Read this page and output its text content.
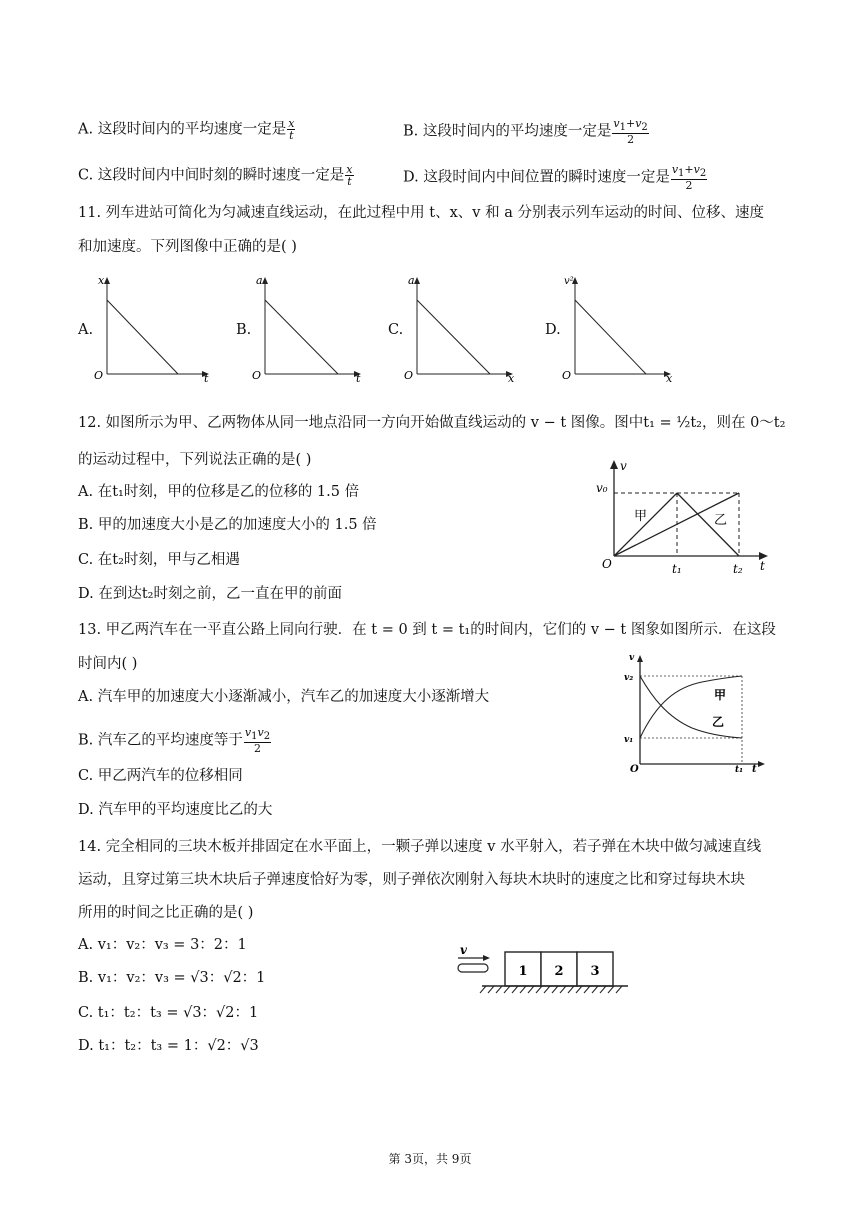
A. 这段时间内的平均速度一定是 $\frac{x}{t}$	B. 这段时间内的平均速度一定是 $\frac{v_1+v_2}{2}$
C. 这段时间内中间时刻的瞬时速度一定是 $\frac{x}{t}$	D. 这段时间内中间位置的瞬时速度一定是 $\frac{v_1+v_2}{2}$
11. 列车进站可简化为匀减速直线运动，在此过程中用 t、x、v 和 a 分别表示列车运动的时间、位移、速度
和加速度。下列图像中正确的是( )
A.
x
t
O
B.
a
t
O
C.
a
x
O
D.
v²
x
O
12. 如图所示为甲、乙两物体从同一地点沿同一方向开始做直线运动的 v − t 图像。图中t₁ = ½t₂，则在 0～t₂
的运动过程中，下列说法正确的是( )
A. 在t₁时刻，甲的位移是乙的位移的 1.5 倍
B. 甲的加速度大小是乙的加速度大小的 1.5 倍
C. 在t₂时刻，甲与乙相遇
D. 在到达t₂时刻之前，乙一直在甲的前面
v
v₀
甲	乙
O	t₁	t₂ t
13. 甲乙两汽车在一平直公路上同向行驶．在 t = 0 到 t = t₁的时间内，它们的 v − t 图象如图所示．在这段
时间内( )
A. 汽车甲的加速度大小逐渐减小，汽车乙的加速度大小逐渐增大
B. 汽车乙的平均速度等于 $\frac{v_1v_2}{2}$
C. 甲乙两汽车的位移相同
D. 汽车甲的平均速度比乙的大
v
v₂
v₁
甲
乙
O	t₁ t
14. 完全相同的三块木板并排固定在水平面上，一颗子弹以速度 v 水平射入，若子弹在木块中做匀减速直线
运动，且穿过第三块木块后子弹速度恰好为零，则子弹依次刚射入每块木块时的速度之比和穿过每块木块
所用的时间之比正确的是( )
A. v₁：v₂：v₃ = 3：2：1
B. v₁：v₂：v₃ = √3：√2：1
C. t₁：t₂：t₃ = √3：√2：1
D. t₁：t₂：t₃ = 1：√2：√3
v
1 2 3
第 3页，共 9页
